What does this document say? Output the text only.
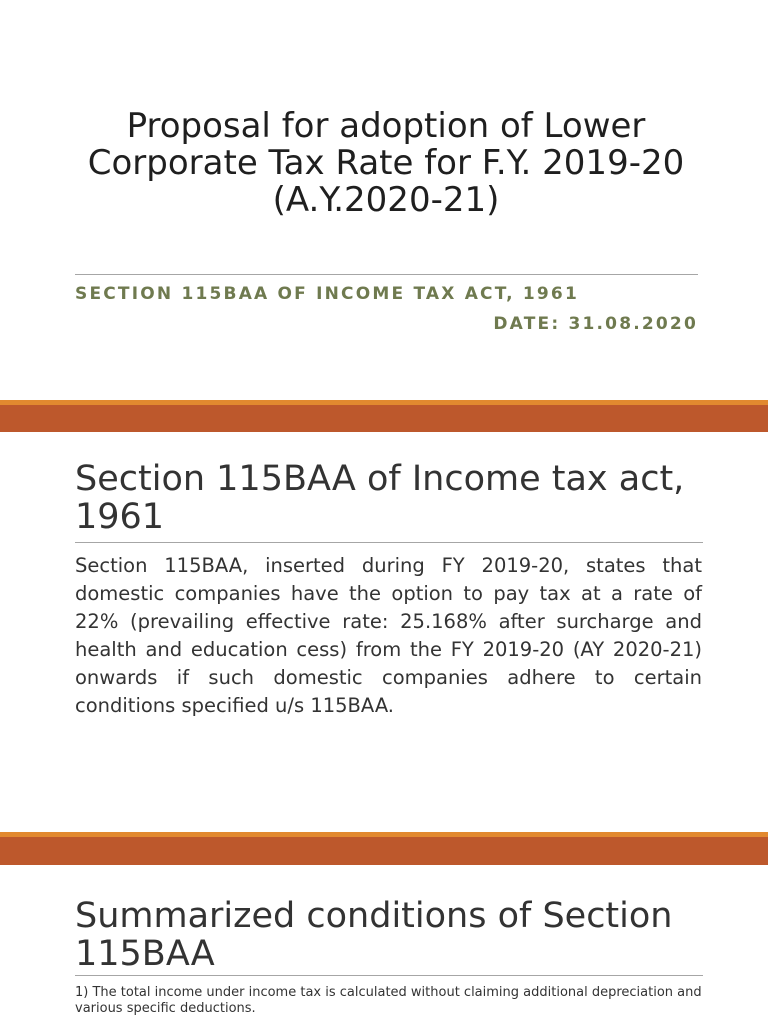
Proposal for adoption of Lower Corporate Tax Rate for F.Y. 2019-20 (A.Y.2020-21)
SECTION 115BAA OF INCOME TAX ACT, 1961
DATE: 31.08.2020
Section 115BAA of Income tax act, 1961
Section 115BAA, inserted during FY 2019-20, states that domestic companies have the option to pay tax at a rate of 22% (prevailing effective rate: 25.168% after surcharge and health and education cess) from the FY 2019-20 (AY 2020-21) onwards if such domestic companies adhere to certain conditions specified u/s 115BAA.
Summarized conditions of Section 115BAA
1) The total income under income tax is calculated without claiming additional depreciation and various specific deductions.
